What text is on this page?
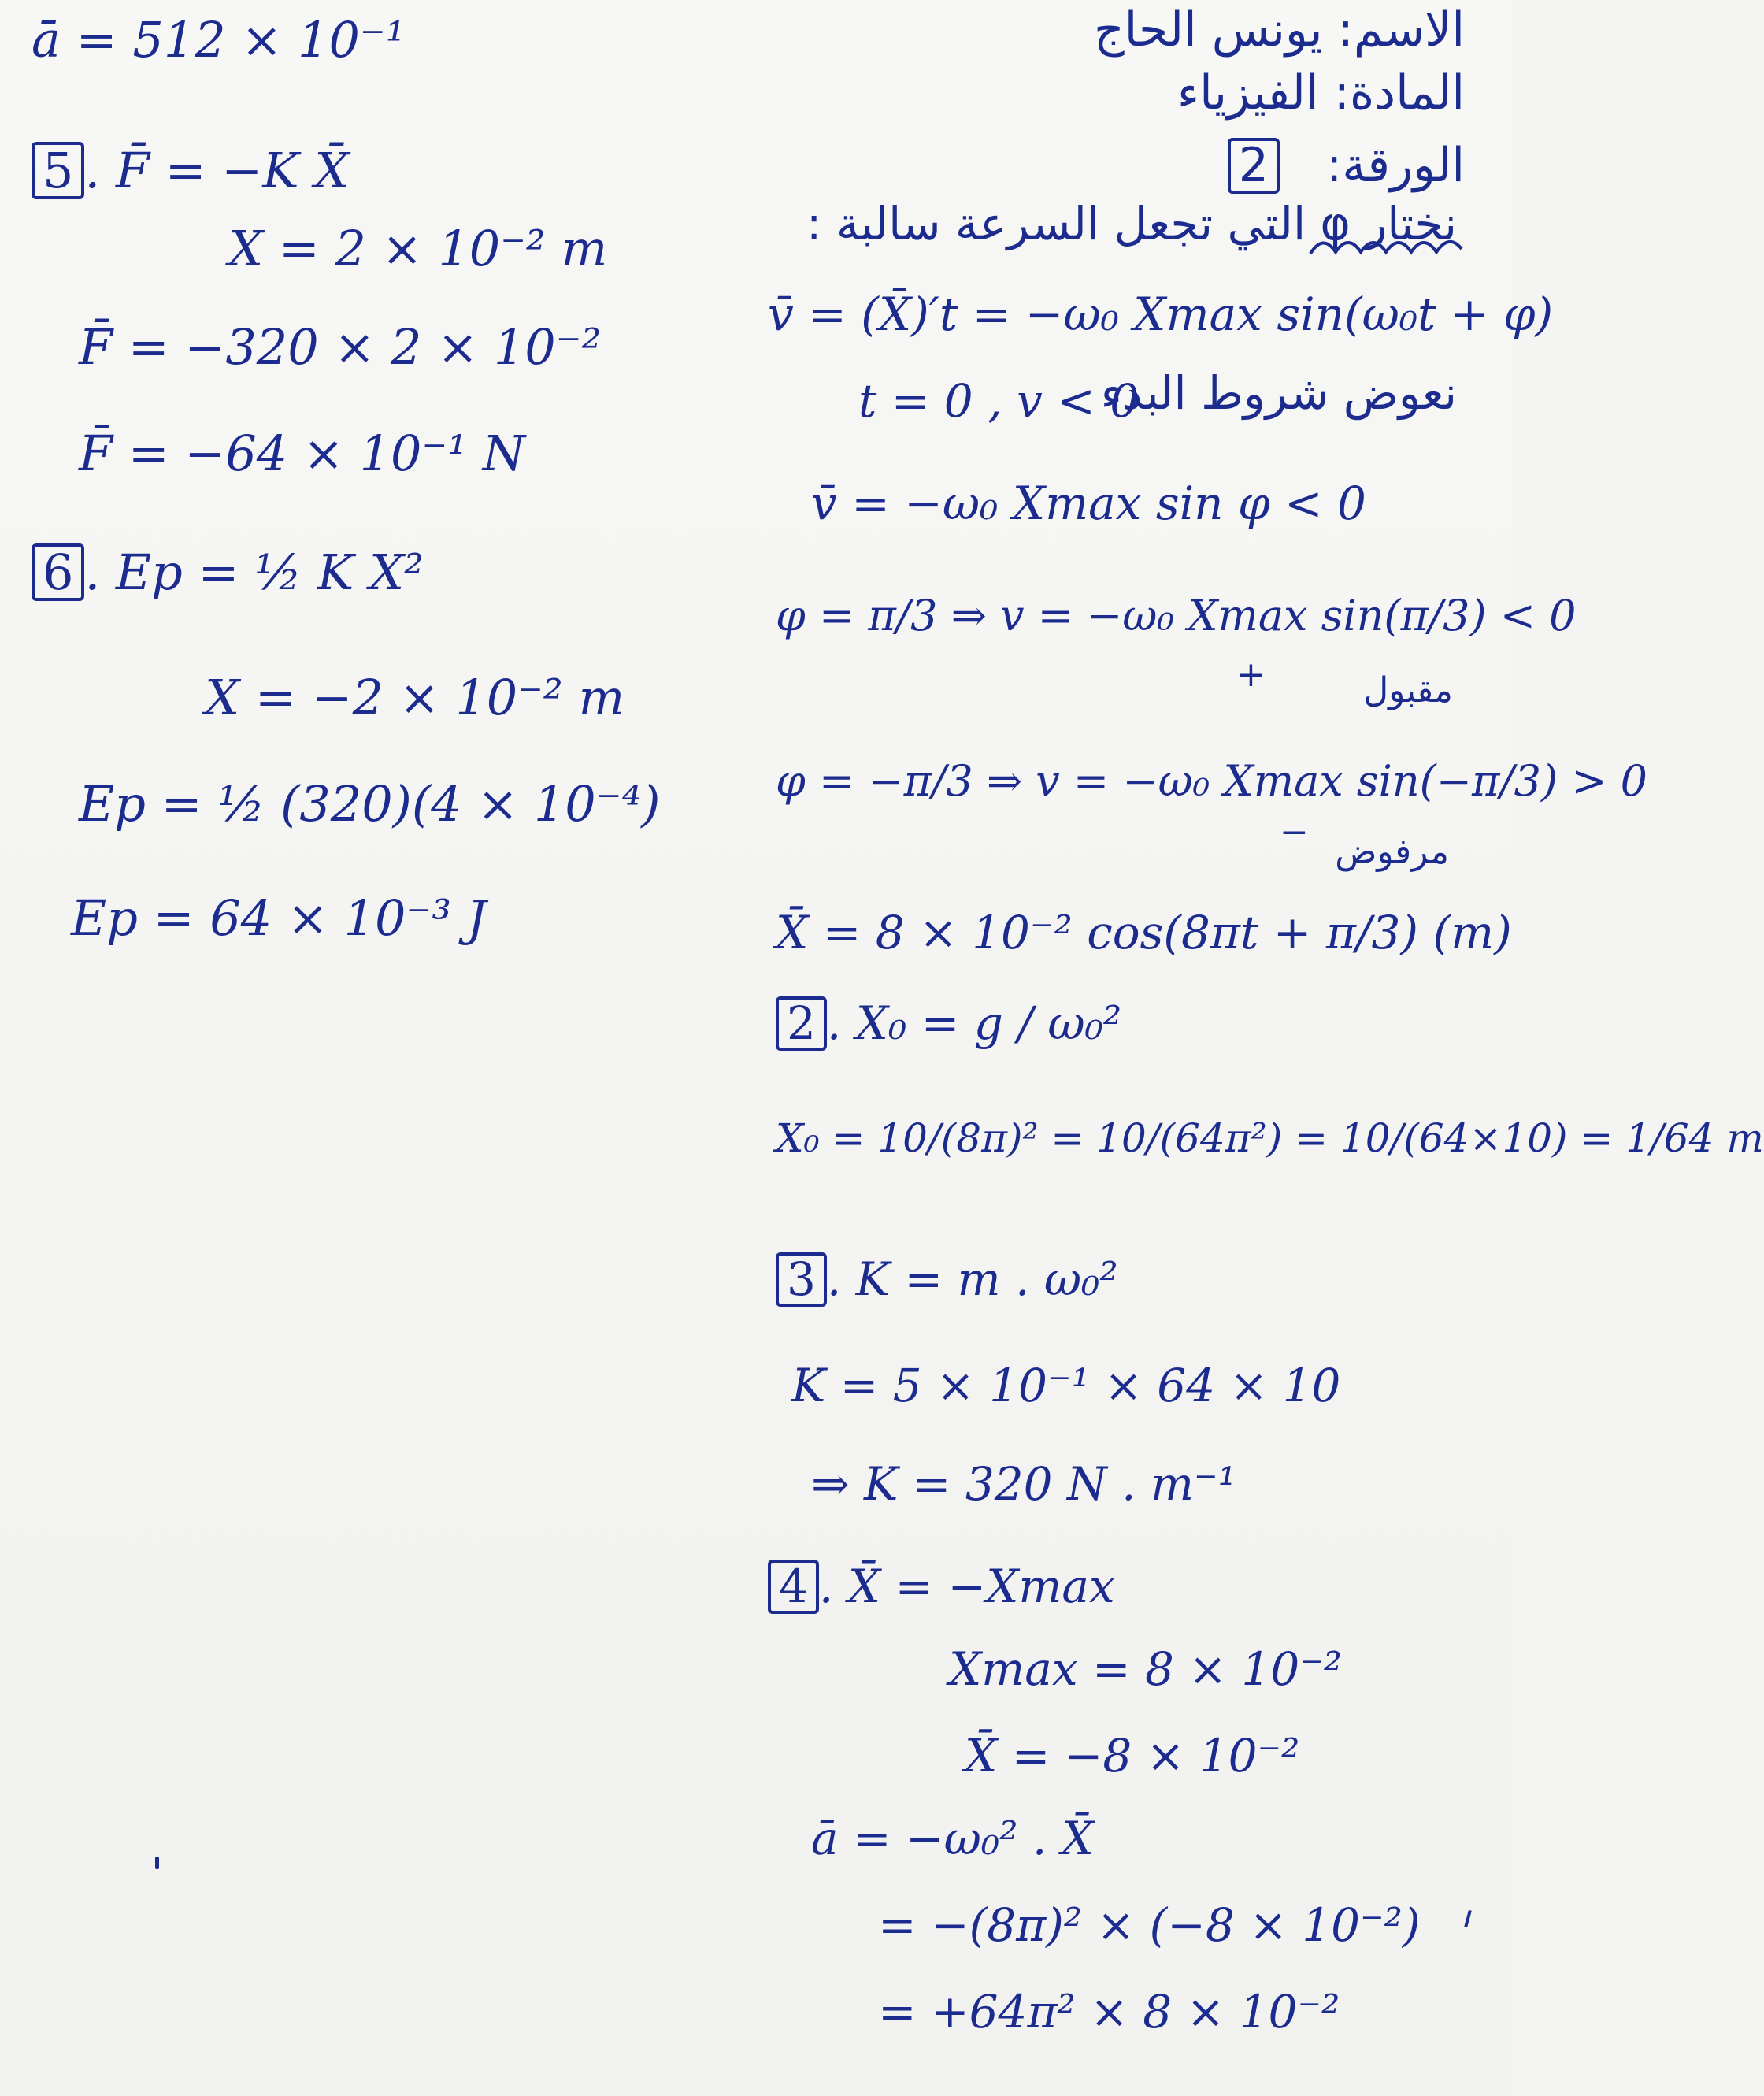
الاسم: يونس الحاج
المادة: الفيزياء
الورقة: 2
ā = 512 × 10⁻¹
5 . F̄ = −K X̄
X = 2 × 10⁻² m
F̄ = −320 × 2 × 10⁻²
F̄ = −64 × 10⁻¹ N
6 . Ep = ½ K X²
X = −2 × 10⁻² m
Ep = ½ (320)(4 × 10⁻⁴)
Ep = 64 × 10⁻³ J
نختار φ التي تجعل السرعة سالبة :
v̄ = (X̄)′t = −ω₀ Xmax sin(ω₀t + φ)
نعوض شروط البدء
t = 0 , v < 0
v̄ = −ω₀ Xmax sin φ < 0
φ = π/3 ⇒ v = −ω₀ Xmax sin(π/3) < 0
+	مقبول
φ = −π/3 ⇒ v = −ω₀ Xmax sin(−π/3) > 0
− مرفوض
X̄ = 8 × 10⁻² cos(8πt + π/3) (m)
2 . X₀ = g / ω₀²
X₀ = 10/(8π)² = 10/(64π²) = 10/(64×10) = 1/64 m
3 . K = m . ω₀²
K = 5 × 10⁻¹ × 64 × 10
⇒ K = 320 N . m⁻¹
4 . X̄ = −Xmax
Xmax = 8 × 10⁻²
X̄ = −8 × 10⁻²
ā = −ω₀² . X̄
= −(8π)² × (−8 × 10⁻²)
= +64π² × 8 × 10⁻²
